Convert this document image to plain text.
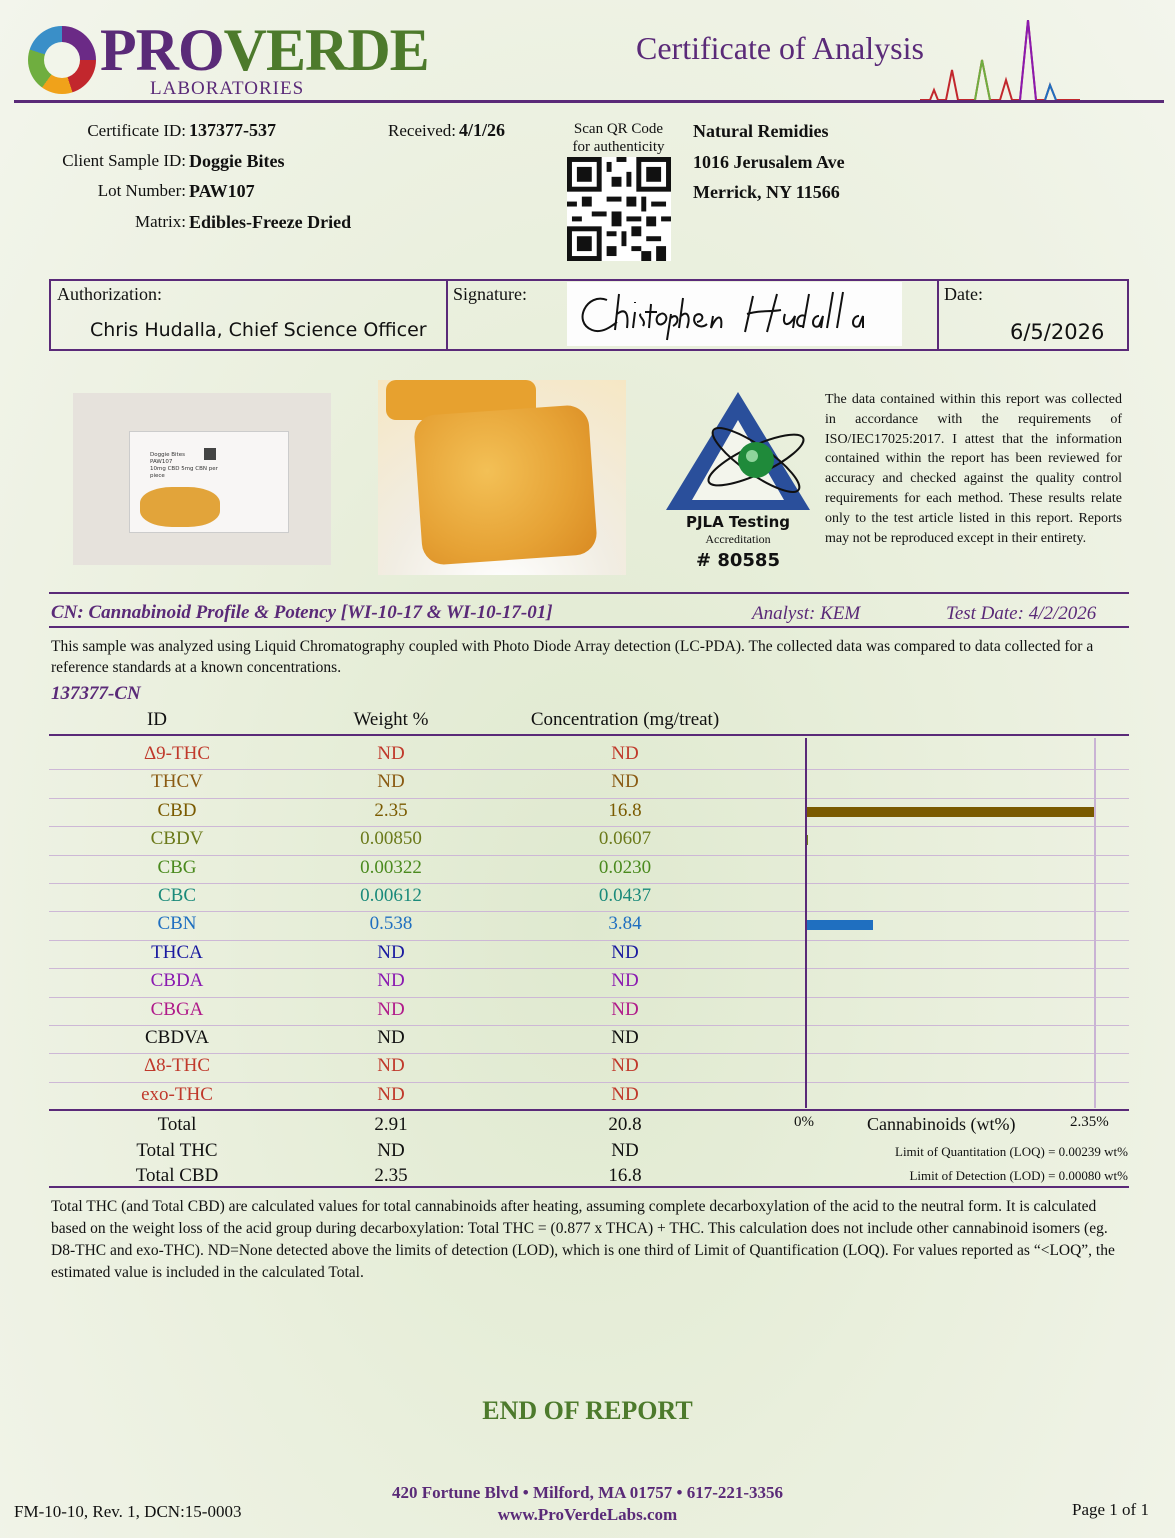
PROVERDE
LABORATORIES
Certificate of Analysis
Certificate ID: 137377-537
Client Sample ID: Doggie Bites
Lot Number: PAW107
Matrix: Edibles-Freeze Dried
Received: 4/1/26	Scan QR Code
for authenticity
Natural Remidies
1016 Jerusalem Ave
Merrick, NY 11566
Authorization:
Chris Hudalla, Chief Science Officer
Signature:	Date:
6/5/2026
Doggie Bites
PAW107
10mg CBD 5mg CBN per
piece
PJLA Testing
Accreditation
# 80585
The data contained within this report was collected in accordance with the requirements of ISO/IEC17025:2017. I attest that the information contained within the report has been reviewed for accuracy and checked against the quality control requirements for each method. These results relate only to the test article listed in this report. Reports may not be reproduced except in their entirety.
CN: Cannabinoid Profile & Potency [WI-10-17 & WI-10-17-01]	Analyst: KEM	Test Date: 4/2/2026
This sample was analyzed using Liquid Chromatography coupled with Photo Diode Array detection (LC-PDA). The collected data was compared to data collected for a reference standards at a known concentrations.
137377-CN
ID	Weight %	Concentration (mg/treat)
Δ9-THC	ND	ND
THCV	ND	ND
CBD	2.35	16.8
CBDV	0.00850	0.0607
CBG	0.00322	0.0230
CBC	0.00612	0.0437
CBN	0.538	3.84
THCA	ND	ND
CBDA	ND	ND
CBGA	ND	ND
CBDVA	ND	ND
Δ8-THC	ND	ND
exo-THC	ND	ND
Total	2.91	20.8
Total THC	ND	ND
Total CBD	2.35	16.8
0%	Cannabinoids (wt%)	2.35%
Limit of Quantitation (LOQ) = 0.00239 wt%
Limit of Detection (LOD) = 0.00080 wt%
Total THC (and Total CBD) are calculated values for total cannabinoids after heating, assuming complete decarboxylation of the acid to the neutral form. It is calculated based on the weight loss of the acid group during decarboxylation: Total THC = (0.877 x THCA) + THC. This calculation does not include other cannabinoid isomers (eg. D8-THC and exo-THC). ND=None detected above the limits of detection (LOD), which is one third of Limit of Quantification (LOQ). For values reported as “<LOQ”, the estimated value is included in the calculated Total.
END OF REPORT
420 Fortune Blvd • Milford, MA 01757 • 617-221-3356
www.ProVerdeLabs.com
FM-10-10, Rev. 1, DCN:15-0003	Page 1 of 1
